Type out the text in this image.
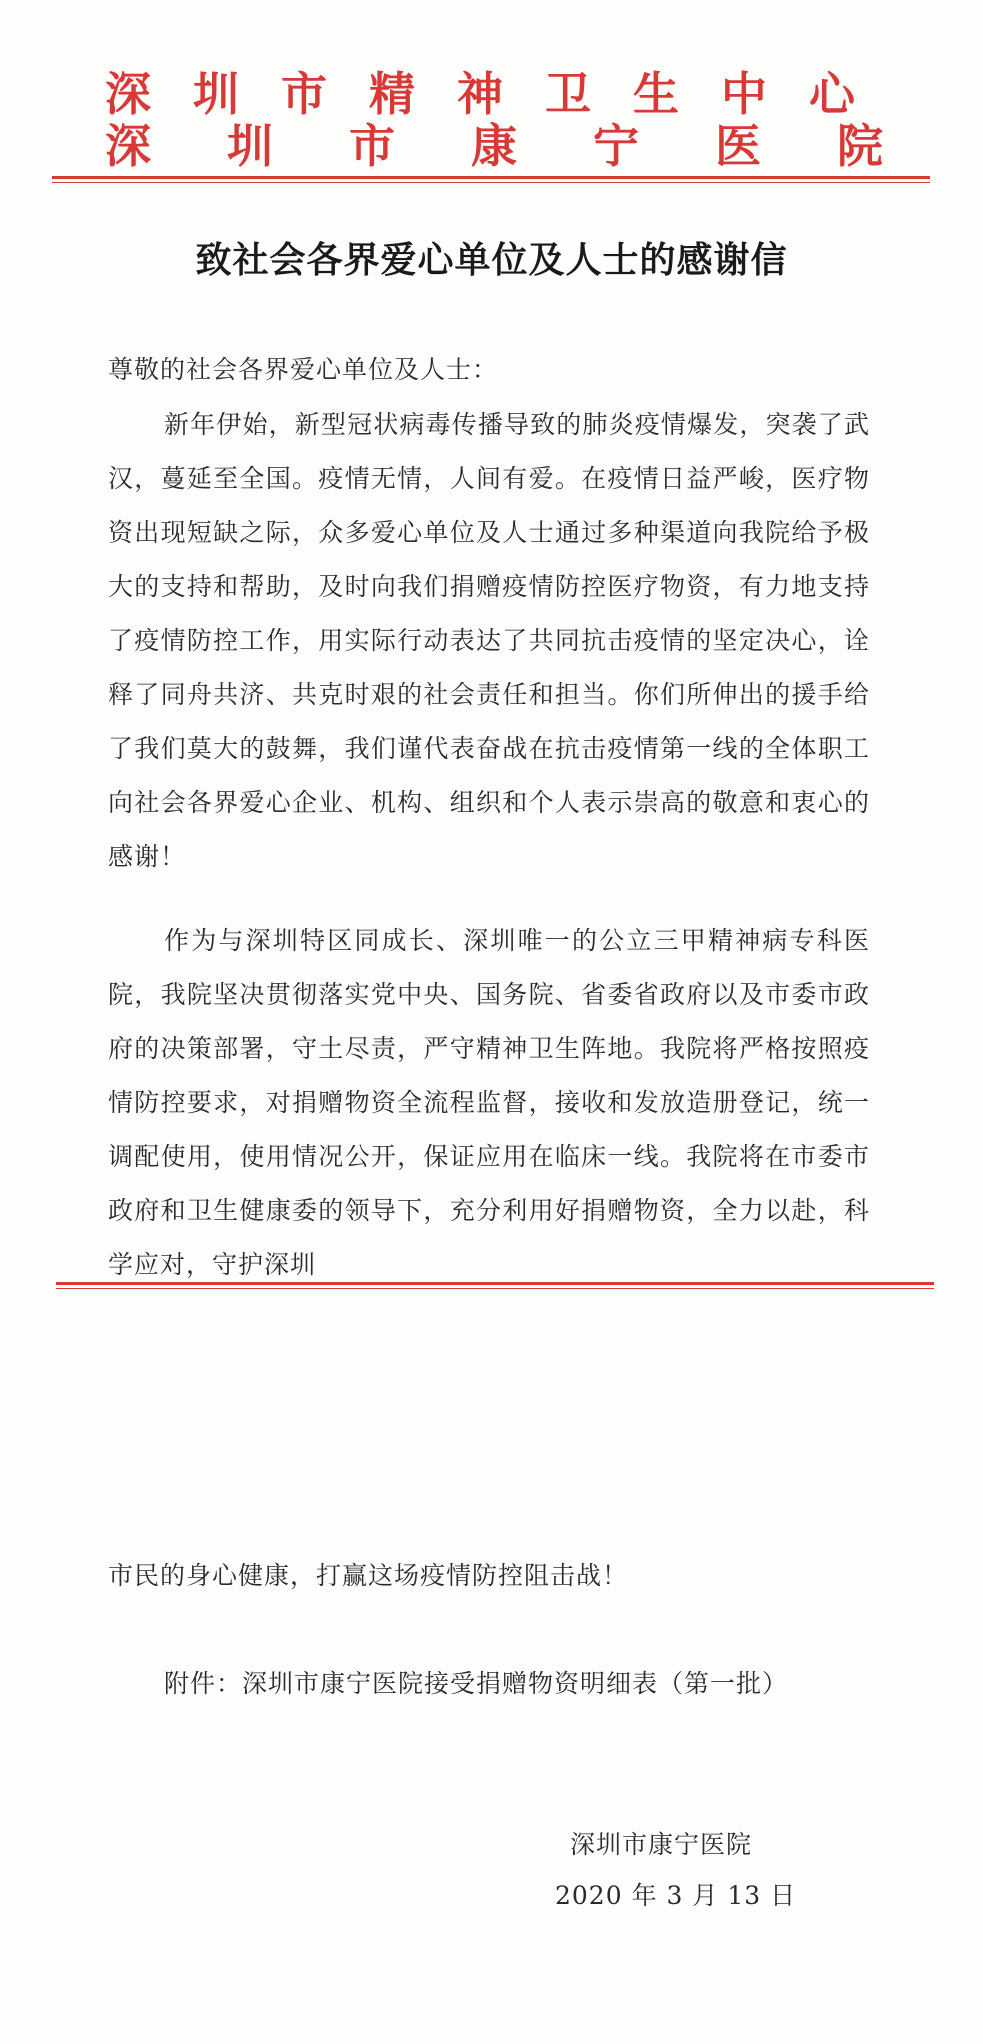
深 圳 市 精 神 卫 生 中 心
深 圳 市 康 宁 医 院
致社会各界爱心单位及人士的感谢信
尊敬的社会各界爱心单位及人士：
新年伊始，新型冠状病毒传播导致的肺炎疫情爆发，突袭了武汉，蔓延至全国。疫情无情，人间有爱。在疫情日益严峻，医疗物资出现短缺之际，众多爱心单位及人士通过多种渠道向我院给予极大的支持和帮助，及时向我们捐赠疫情防控医疗物资，有力地支持了疫情防控工作，用实际行动表达了共同抗击疫情的坚定决心，诠释了同舟共济、共克时艰的社会责任和担当。你们所伸出的援手给了我们莫大的鼓舞，我们谨代表奋战在抗击疫情第一线的全体职工向社会各界爱心企业、机构、组织和个人表示崇高的敬意和衷心的感谢！
作为与深圳特区同成长、深圳唯一的公立三甲精神病专科医院，我院坚决贯彻落实党中央、国务院、省委省政府以及市委市政府的决策部署，守土尽责，严守精神卫生阵地。我院将严格按照疫情防控要求，对捐赠物资全流程监督，接收和发放造册登记，统一调配使用，使用情况公开，保证应用在临床一线。我院将在市委市政府和卫生健康委的领导下，充分利用好捐赠物资，全力以赴，科学应对，守护深圳
市民的身心健康，打赢这场疫情防控阻击战！
附件：深圳市康宁医院接受捐赠物资明细表（第一批）
深圳市康宁医院
2020 年 3 月 13 日
